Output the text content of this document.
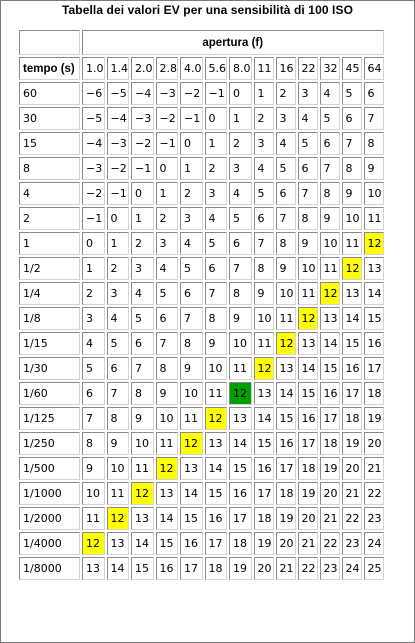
Tabella dei valori EV per una sensibilità di 100 ISO
	apertura (f)												
tempo (s)	1.0	1.4	2.0	2.8	4.0	5.6	8.0	11	16	22	32	45	64
60	−6	−5	−4	−3	−2	−1	0	1	2	3	4	5	6
30	−5	−4	−3	−2	−1	0	1	2	3	4	5	6	7
15	−4	−3	−2	−1	0	1	2	3	4	5	6	7	8
8	−3	−2	−1	0	1	2	3	4	5	6	7	8	9
4	−2	−1	0	1	2	3	4	5	6	7	8	9	10
2	−1	0	1	2	3	4	5	6	7	8	9	10	11
1	0	1	2	3	4	5	6	7	8	9	10	11	12
1/2	1	2	3	4	5	6	7	8	9	10	11	12	13
1/4	2	3	4	5	6	7	8	9	10	11	12	13	14
1/8	3	4	5	6	7	8	9	10	11	12	13	14	15
1/15	4	5	6	7	8	9	10	11	12	13	14	15	16
1/30	5	6	7	8	9	10	11	12	13	14	15	16	17
1/60	6	7	8	9	10	11	12	13	14	15	16	17	18
1/125	7	8	9	10	11	12	13	14	15	16	17	18	19
1/250	8	9	10	11	12	13	14	15	16	17	18	19	20
1/500	9	10	11	12	13	14	15	16	17	18	19	20	21
1/1000	10	11	12	13	14	15	16	17	18	19	20	21	22
1/2000	11	12	13	14	15	16	17	18	19	20	21	22	23
1/4000	12	13	14	15	16	17	18	19	20	21	22	23	24
1/8000	13	14	15	16	17	18	19	20	21	22	23	24	25
